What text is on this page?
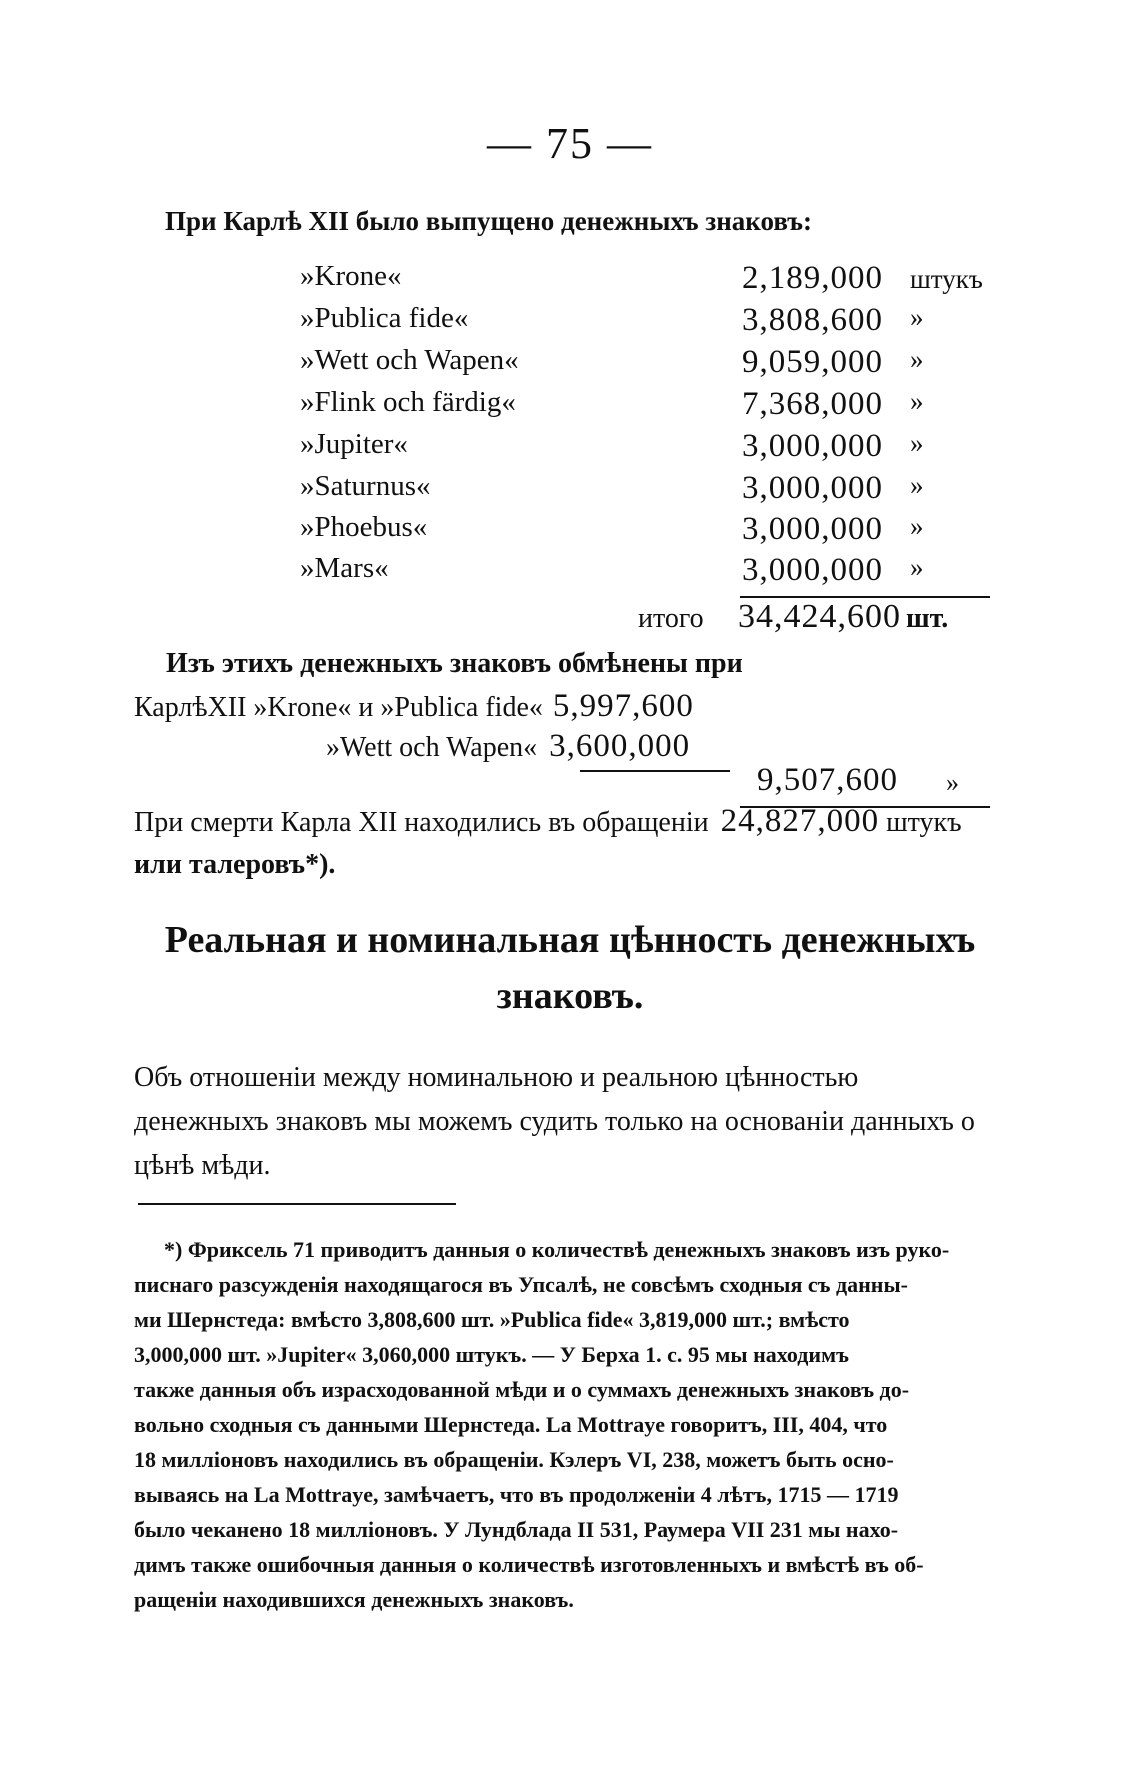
— 75 —
При Карлѣ XII было выпущено денежныхъ знаковъ:
»Krone«	2,189,000 штукъ
»Publica fide«	3,808,600 »
»Wett och Wapen«	9,059,000 »
»Flink och färdig«	7,368,000 »
»Jupiter«	3,000,000 »
»Saturnus«	3,000,000 »
»Phoebus«	3,000,000 »
»Mars«	3,000,000 »
итого 34,424,600 шт.
Изъ этихъ денежныхъ знаковъ обмѣнены при
КарлѣXII »Krone« и »Publica fide« 5,997,600
»Wett och Wapen« 3,600,000
9,507,600 »
При смерти Карла XII находились въ обращеніи 24,827,000 штукъ
или талеровъ*).
Реальная и номинальная цѣнность денежныхъ
знаковъ.
Объ отношеніи между номинальною и реальною цѣнностью денежныхъ знаковъ мы можемъ судить только на основаніи данныхъ о цѣнѣ мѣди.
*) Фриксель 71 приводитъ данныя о количествѣ денежныхъ знаковъ изъ руко-
писнаго разсужденія находящагося въ Упсалѣ, не совсѣмъ сходныя съ данны-
ми Шернстеда: вмѣсто 3,808,600 шт. »Publica fide« 3,819,000 шт.; вмѣсто
3,000,000 шт. »Jupiter« 3,060,000 штукъ. — У Берха 1. с. 95 мы находимъ
также данныя объ израсходованной мѣди и о суммахъ денежныхъ знаковъ до-
вольно сходныя съ данными Шернстеда. La Mottraye говоритъ, III, 404, что
18 милліоновъ находились въ обращеніи. Кэлеръ VI, 238, можетъ быть осно-
вываясь на La Mottraye, замѣчаетъ, что въ продолженіи 4 лѣтъ, 1715 — 1719
было чеканено 18 милліоновъ. У Лундблада II 531, Раумера VII 231 мы нахо-
димъ также ошибочныя данныя о количествѣ изготовленныхъ и вмѣстѣ въ об-
ращеніи находившихся денежныхъ знаковъ.
